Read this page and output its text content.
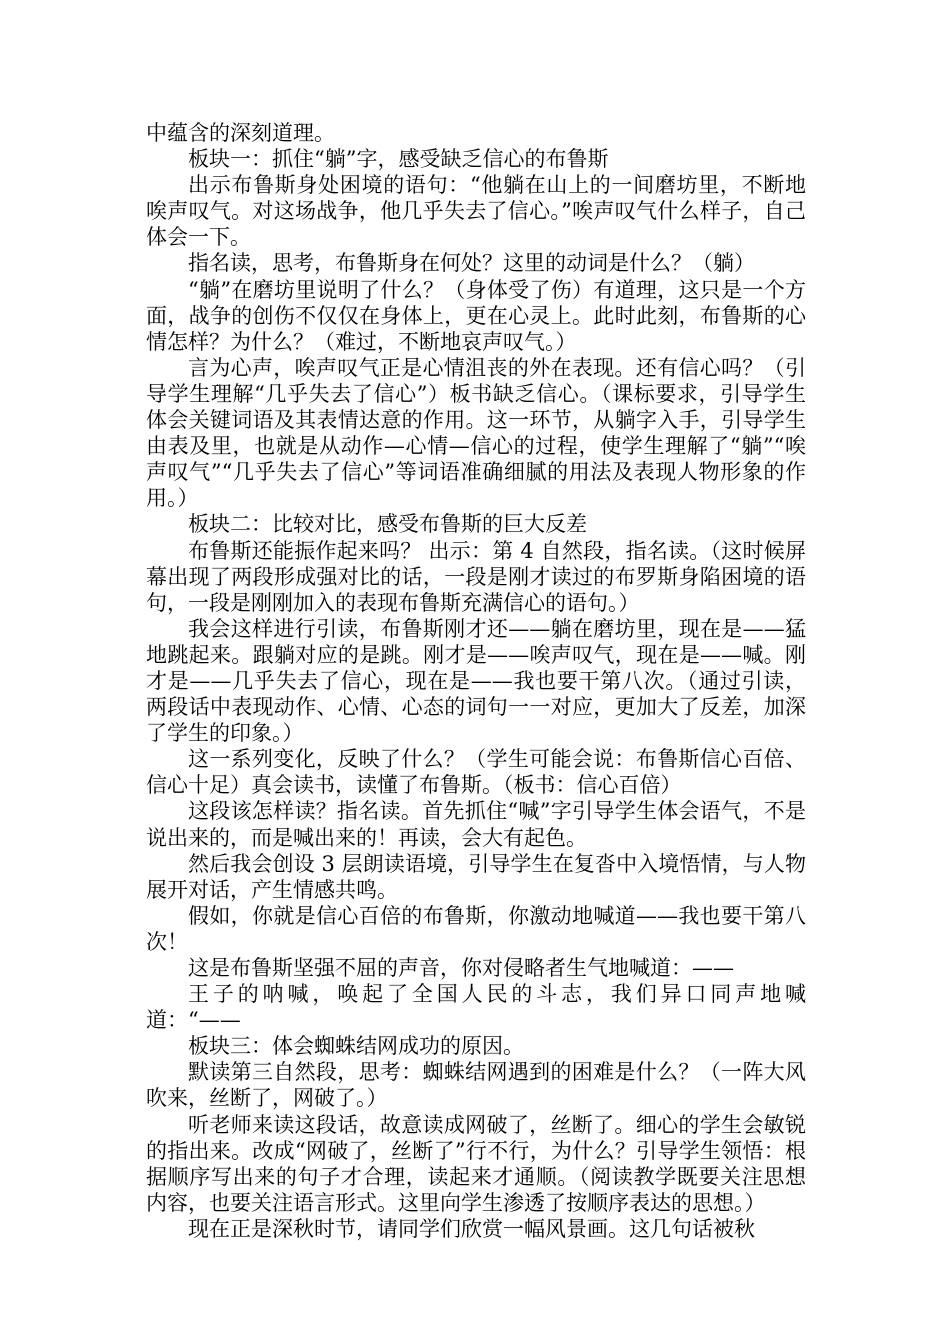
中蕴含的深刻道理。

板块一：抓住“躺”字，感受缺乏信心的布鲁斯

出示布鲁斯身处困境的语句：“他躺在山上的一间磨坊里，不断地唉声叹气。对这场战争，他几乎失去了信心。”唉声叹气什么样子，自己体会一下。

指名读，思考，布鲁斯身在何处？这里的动词是什么？（躺）

“躺”在磨坊里说明了什么？（身体受了伤）有道理，这只是一个方面，战争的创伤不仅仅在身体上，更在心灵上。此时此刻，布鲁斯的心情怎样？为什么？（难过，不断地哀声叹气。）

言为心声，唉声叹气正是心情沮丧的外在表现。还有信心吗？（引导学生理解“几乎失去了信心”）板书缺乏信心。（课标要求，引导学生体会关键词语及其表情达意的作用。这一环节，从躺字入手，引导学生由表及里，也就是从动作—心情—信心的过程，使学生理解了“躺”“唉声叹气”“几乎失去了信心”等词语准确细腻的用法及表现人物形象的作用。）

板块二：比较对比，感受布鲁斯的巨大反差

布鲁斯还能振作起来吗？ 出示：第 4 自然段，指名读。（这时候屏幕出现了两段形成强对比的话，一段是刚才读过的布罗斯身陷困境的语句，一段是刚刚加入的表现布鲁斯充满信心的语句。）

我会这样进行引读，布鲁斯刚才还——躺在磨坊里，现在是——猛地跳起来。跟躺对应的是跳。刚才是——唉声叹气，现在是——喊。刚才是——几乎失去了信心，现在是——我也要干第八次。（通过引读，两段话中表现动作、心情、心态的词句一一对应，更加大了反差，加深了学生的印象。）

这一系列变化，反映了什么？（学生可能会说：布鲁斯信心百倍、信心十足）真会读书，读懂了布鲁斯。（板书：信心百倍）

这段该怎样读？指名读。首先抓住“喊”字引导学生体会语气，不是说出来的，而是喊出来的！再读，会大有起色。

然后我会创设 3 层朗读语境，引导学生在复沓中入境悟情，与人物展开对话，产生情感共鸣。

假如，你就是信心百倍的布鲁斯，你激动地喊道——我也要干第八次！

这是布鲁斯坚强不屈的声音，你对侵略者生气地喊道：——

王子的呐喊，唤起了全国人民的斗志，我们异口同声地喊道：“——

板块三：体会蜘蛛结网成功的原因。

默读第三自然段，思考：蜘蛛结网遇到的困难是什么？（一阵大风吹来，丝断了，网破了。）

听老师来读这段话，故意读成网破了，丝断了。细心的学生会敏锐的指出来。改成“网破了，丝断了”行不行，为什么？引导学生领悟：根据顺序写出来的句子才合理，读起来才通顺。（阅读教学既要关注思想内容，也要关注语言形式。这里向学生渗透了按顺序表达的思想。）

现在正是深秋时节，请同学们欣赏一幅风景画。这几句话被秋
